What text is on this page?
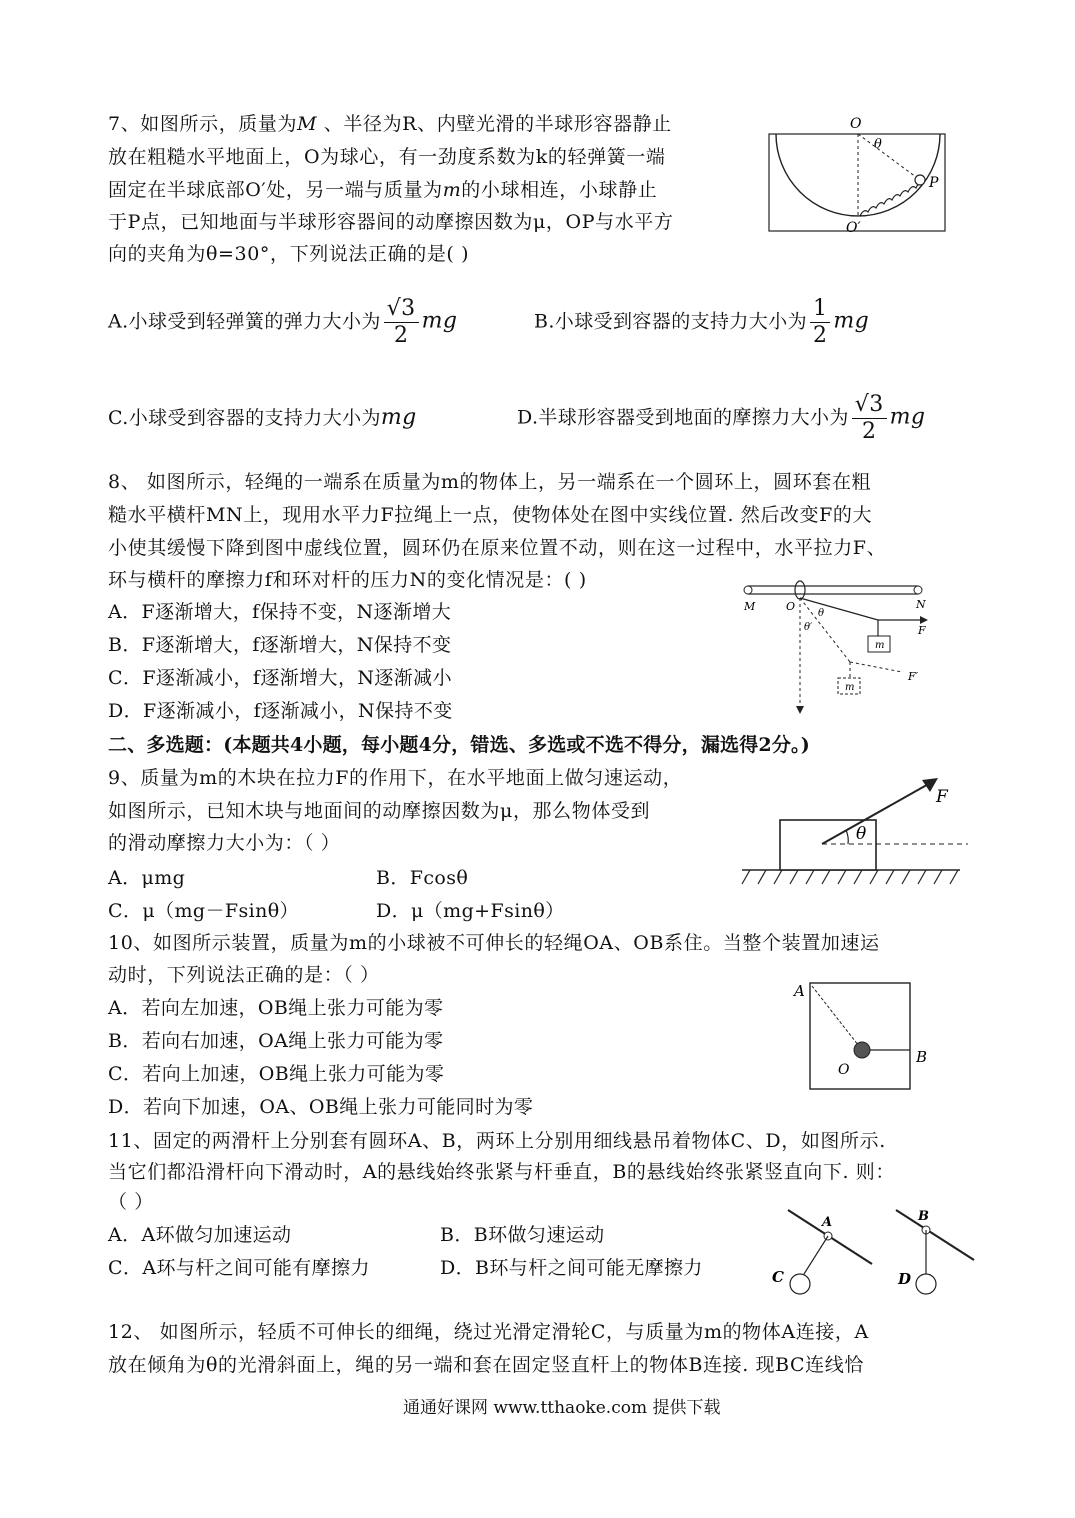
7、如图所示，质量为𝑀 、半径为R、内壁光滑的半球形容器静止
放在粗糙水平地面上，O为球心，有一劲度系数为k的轻弹簧一端
固定在半球底部O′处，另一端与质量为𝑚的小球相连，小球静止
于P点，已知地面与半球形容器间的动摩擦因数为μ，OP与水平方
向的夹角为θ=30°，下列说法正确的是( )
O
θ
P
O′
A.小球受到轻弹簧的弹力大小为 $\frac{√3}{2}$ mg	B.小球受到容器的支持力大小为 $\frac{1}{2}$ mg
C.小球受到容器的支持力大小为mg	D.半球形容器受到地面的摩擦力大小为 $\frac{√3}{2}$ mg
8、 如图所示，轻绳的一端系在质量为m的物体上，另一端系在一个圆环上，圆环套在粗
糙水平横杆MN上，现用水平力F拉绳上一点，使物体处在图中实线位置. 然后改变F的大
小使其缓慢下降到图中虚线位置，圆环仍在原来位置不动，则在这一过程中，水平拉力F、
环与横杆的摩擦力f和环对杆的压力N的变化情况是：( )
A．F逐渐增大，f保持不变，N逐渐增大
B．F逐渐增大，f逐渐增大，N保持不变
C．F逐渐减小，f逐渐增大，N逐渐减小
D．F逐渐减小，f逐渐减小，N保持不变
M	O	N
θ
θ′	F
F′
m
m
二、多选题：(本题共4小题，每小题4分，错选、多选或不选不得分，漏选得2分。)
9、质量为m的木块在拉力F的作用下，在水平地面上做匀速运动，
如图所示，已知木块与地面间的动摩擦因数为μ，那么物体受到
的滑动摩擦力大小为：（ ）
A．μmg	B．Fcosθ
C．μ（mg－Fsinθ）	D．μ（mg+Fsinθ）
F
θ
10、如图所示装置，质量为m的小球被不可伸长的轻绳OA、OB系住。当整个装置加速运
动时，下列说法正确的是：（ ）
A．若向左加速，OB绳上张力可能为零
B．若向右加速，OA绳上张力可能为零
C．若向上加速，OB绳上张力可能为零
D．若向下加速，OA、OB绳上张力可能同时为零
A
O
B
11、固定的两滑杆上分别套有圆环A、B，两环上分别用细线悬吊着物体C、D，如图所示.
当它们都沿滑杆向下滑动时，A的悬线始终张紧与杆垂直，B的悬线始终张紧竖直向下. 则：
（ ）
A．A环做匀加速运动	B．B环做匀速运动
C．A环与杆之间可能有摩擦力	D．B环与杆之间可能无摩擦力
A	B
C	D
12、 如图所示，轻质不可伸长的细绳，绕过光滑定滑轮C，与质量为m的物体A连接，A
放在倾角为θ的光滑斜面上，绳的另一端和套在固定竖直杆上的物体B连接. 现BC连线恰
通通好课网 www.tthaoke.com 提供下载
